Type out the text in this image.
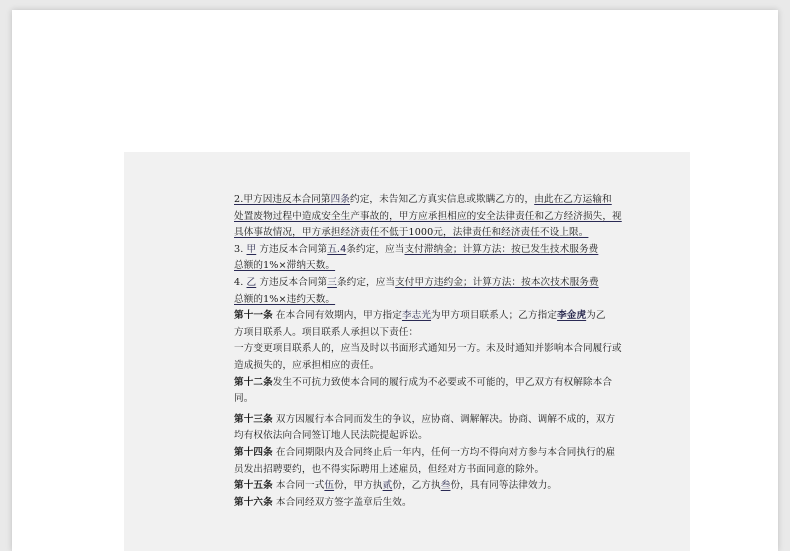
2.甲方因违反本合同第四条约定，未告知乙方真实信息或欺瞒乙方的，由此在乙方运输和
处置废物过程中造成安全生产事故的，甲方应承担相应的安全法律责任和乙方经济损失，视
具体事故情况，甲方承担经济责任不低于1000元，法律责任和经济责任不设上限。
3. 甲 方违反本合同第五.4条约定，应当支付滞纳金；计算方法：按已发生技术服务费
总额的1%×滞纳天数。
4. 乙 方违反本合同第三条约定，应当支付甲方违约金；计算方法：按本次技术服务费
总额的1%×违约天数。
第十一条 在本合同有效期内，甲方指定李志光为甲方项目联系人；乙方指定李金虎为乙
方项目联系人。项目联系人承担以下责任：
一方变更项目联系人的，应当及时以书面形式通知另一方。未及时通知并影响本合同履行或
造成损失的，应承担相应的责任。
第十二条发生不可抗力致使本合同的履行成为不必要或不可能的，甲乙双方有权解除本合
同。
第十三条 双方因履行本合同而发生的争议，应协商、调解解决。协商、调解不成的，双方
均有权依法向合同签订地人民法院提起诉讼。
第十四条 在合同期限内及合同终止后一年内，任何一方均不得向对方参与本合同执行的雇
员发出招聘要约，也不得实际聘用上述雇员，但经对方书面同意的除外。
第十五条 本合同一式伍份，甲方执贰份，乙方执叁份，具有同等法律效力。
第十六条 本合同经双方签字盖章后生效。
